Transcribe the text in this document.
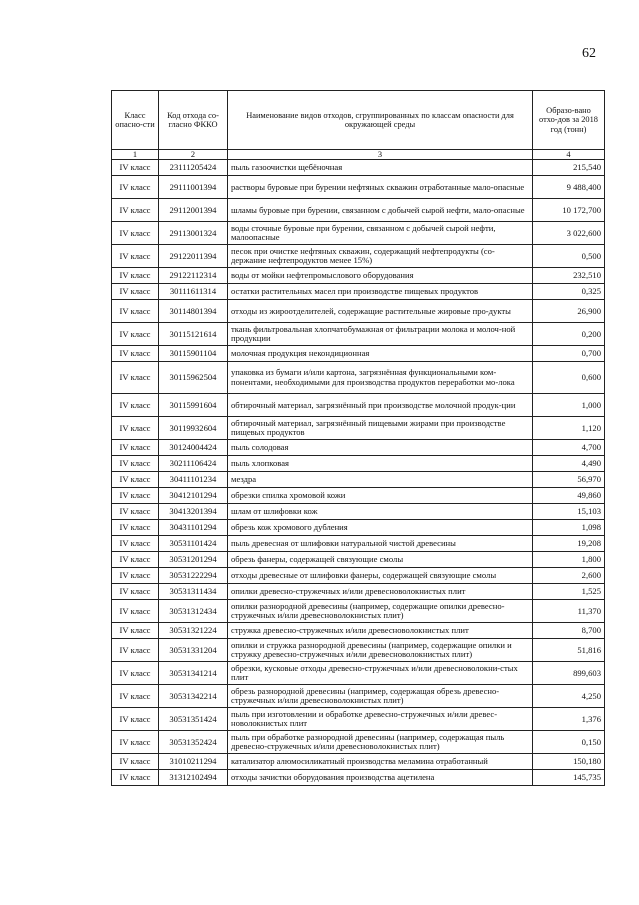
62
Класс опасно-сти	Код отхода со-гласно ФККО	Наименование видов отходов, сгруппированных по классам опасности для окружающей среды	Образо-вано отхо-дов за 2018 год (тонн)
1	2	3	4
IV класс	23111205424	пыль газоочистки щебёночная	215,540
IV класс	29111001394	растворы буровые при бурении нефтяных скважин отработанные мало-опасные	9 488,400
IV класс	29112001394	шламы буровые при бурении, связанном с добычей сырой нефти, мало-опасные	10 172,700
IV класс	29113001324	воды сточные буровые при бурении, связанном с добычей сырой нефти, малоопасные	3 022,600
IV класс	29122011394	песок при очистке нефтяных скважин, содержащий нефтепродукты (со-держание нефтепродуктов менее 15%)	0,500
IV класс	29122112314	воды от мойки нефтепромыслового оборудования	232,510
IV класс	30111611314	остатки растительных масел при производстве пищевых продуктов	0,325
IV класс	30114801394	отходы из жироотделителей, содержащие растительные жировые про-дукты	26,900
IV класс	30115121614	ткань фильтровальная хлопчатобумажная от фильтрации молока и молоч-ной продукции	0,200
IV класс	30115901104	молочная продукция некондиционная	0,700
IV класс	30115962504	упаковка из бумаги и/или картона, загрязнённая функциональными ком-понентами, необходимыми для производства продуктов переработки мо-лока	0,600
IV класс	30115991604	обтирочный материал, загрязнённый при производстве молочной продук-ции	1,000
IV класс	30119932604	обтирочный материал, загрязнённый пищевыми жирами при производстве пищевых продуктов	1,120
IV класс	30124004424	пыль солодовая	4,700
IV класс	30211106424	пыль хлопковая	4,490
IV класс	30411101234	мездра	56,970
IV класс	30412101294	обрезки спилка хромовой кожи	49,860
IV класс	30413201394	шлам от шлифовки кож	15,103
IV класс	30431101294	обрезь кож хромового дубления	1,098
IV класс	30531101424	пыль древесная от шлифовки натуральной чистой древесины	19,208
IV класс	30531201294	обрезь фанеры, содержащей связующие смолы	1,800
IV класс	30531222294	отходы древесные от шлифовки фанеры, содержащей связующие смолы	2,600
IV класс	30531311434	опилки древесно-стружечных и/или древесноволокнистых плит	1,525
IV класс	30531312434	опилки разнородной древесины (например, содержащие опилки древесно-стружечных и/или древесноволокнистых плит)	11,370
IV класс	30531321224	стружка древесно-стружечных и/или древесноволокнистых плит	8,700
IV класс	30531331204	опилки и стружка разнородной древесины (например, содержащие опилки и стружку древесно-стружечных и/или древесноволокнистых плит)	51,816
IV класс	30531341214	обрезки, кусковые отходы древесно-стружечных и/или древесноволокни-стых плит	899,603
IV класс	30531342214	обрезь разнородной древесины (например, содержащая обрезь древесно-стружечных и/или древесноволокнистых плит)	4,250
IV класс	30531351424	пыль при изготовлении и обработке древесно-стружечных и/или древес-новолокнистых плит	1,376
IV класс	30531352424	пыль при обработке разнородной древесины (например, содержащая пыль древесно-стружечных и/или древесноволокнистых плит)	0,150
IV класс	31010211294	катализатор алюмосиликатный производства меламина отработанный	150,180
IV класс	31312102494	отходы зачистки оборудования производства ацетилена	145,735
